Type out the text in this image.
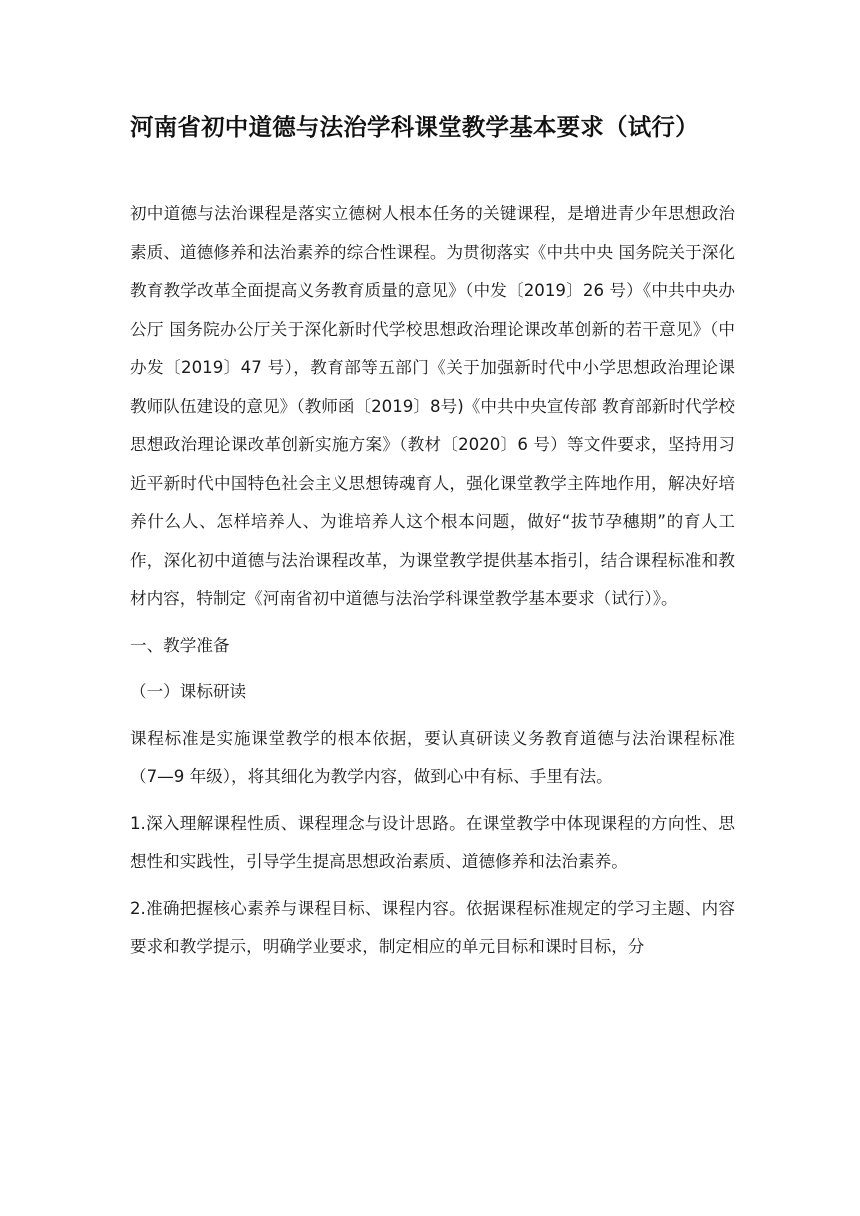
河南省初中道德与法治学科课堂教学基本要求（试行）

初中道德与法治课程是落实立德树人根本任务的关键课程，是增进青少年思想政治素质、道德修养和法治素养的综合性课程。为贯彻落实《中共中央 国务院关于深化教育教学改革全面提高义务教育质量的意见》（中发〔2019〕26 号）《中共中央办公厅 国务院办公厅关于深化新时代学校思想政治理论课改革创新的若干意见》（中办发〔2019〕47 号），教育部等五部门《关于加强新时代中小学思想政治理论课教师队伍建设的意见》（教师函〔2019〕8号)《中共中央宣传部 教育部新时代学校思想政治理论课改革创新实施方案》（教材〔2020〕6 号）等文件要求，坚持用习近平新时代中国特色社会主义思想铸魂育人，强化课堂教学主阵地作用，解决好培养什么人、怎样培养人、为谁培养人这个根本问题，做好“拔节孕穗期”的育人工作，深化初中道德与法治课程改革，为课堂教学提供基本指引，结合课程标准和教材内容，特制定《河南省初中道德与法治学科课堂教学基本要求（试行）》。

一、教学准备

（一）课标研读

课程标准是实施课堂教学的根本依据，要认真研读义务教育道德与法治课程标准（7—9 年级），将其细化为教学内容，做到心中有标、手里有法。

1.深入理解课程性质、课程理念与设计思路。在课堂教学中体现课程的方向性、思想性和实践性，引导学生提高思想政治素质、道德修养和法治素养。

2.准确把握核心素养与课程目标、课程内容。依据课程标准规定的学习主题、内容要求和教学提示，明确学业要求，制定相应的单元目标和课时目标，分
